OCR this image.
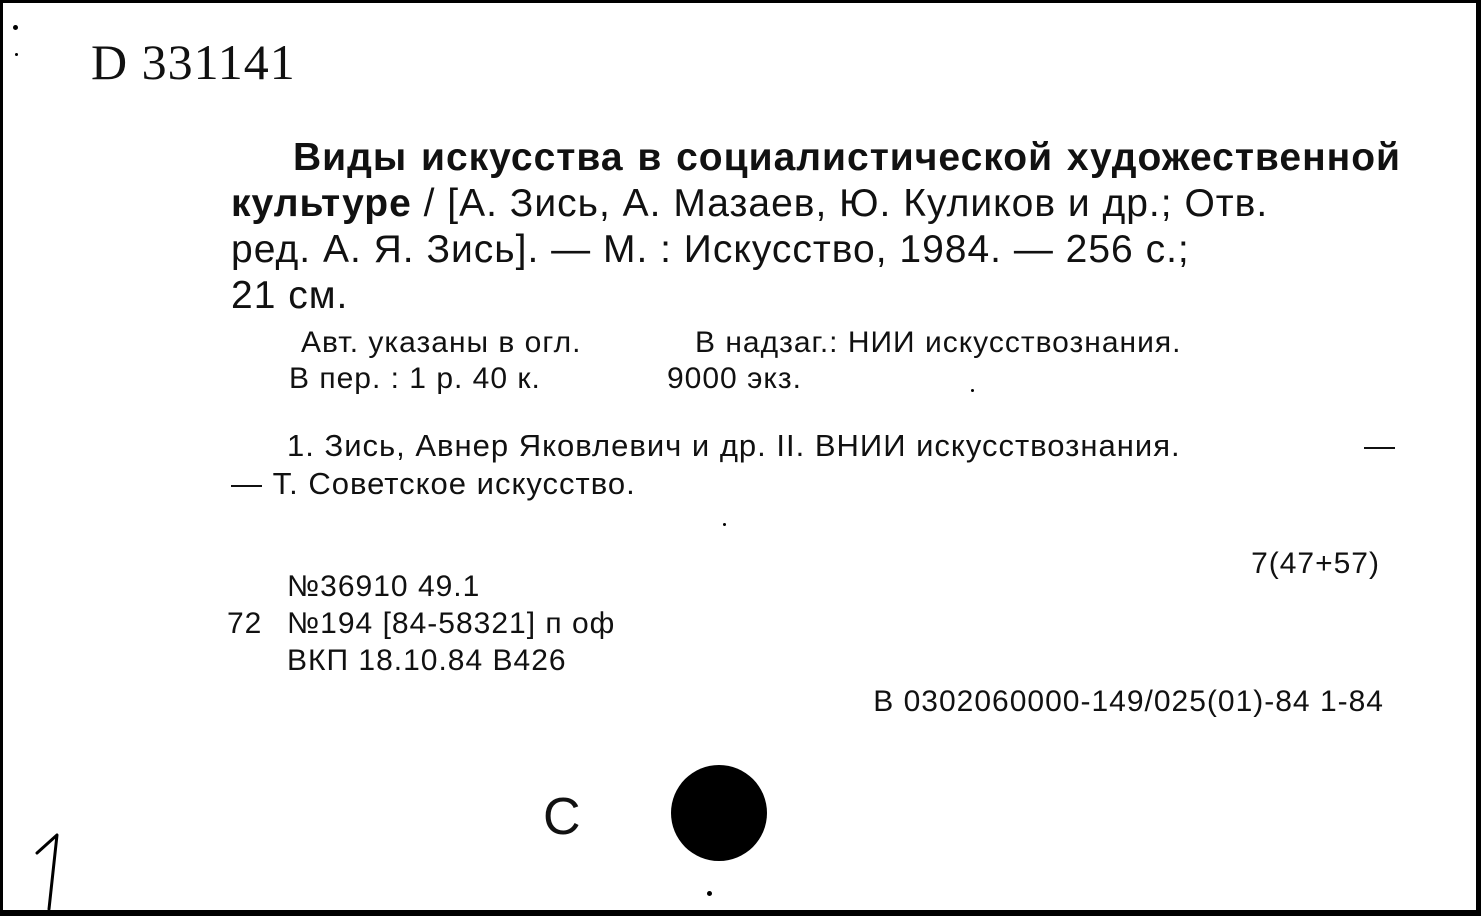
D 331141
Виды искусства в социалистической художественной культуре / [А. Зись, А. Мазаев, Ю. Куликов и др.; Отв.
ред. А. Я. Зись]. — М. : Искусство, 1984. — 256 с.;
21 см.
Авт. указаны в огл.	В надзаг.: НИИ искусствознания.
В пер. : 1 р. 40 к.	9000 экз.
1. Зись, Авнер Яковлевич и др. II. ВНИИ искусствознания.	—
— Т. Советское искусство.
7(47+57)
№36910 49.1
72 №194 [84-58321] п оф
ВКП 18.10.84 В426
В 0302060000-149/025(01)-84 1-84
С
